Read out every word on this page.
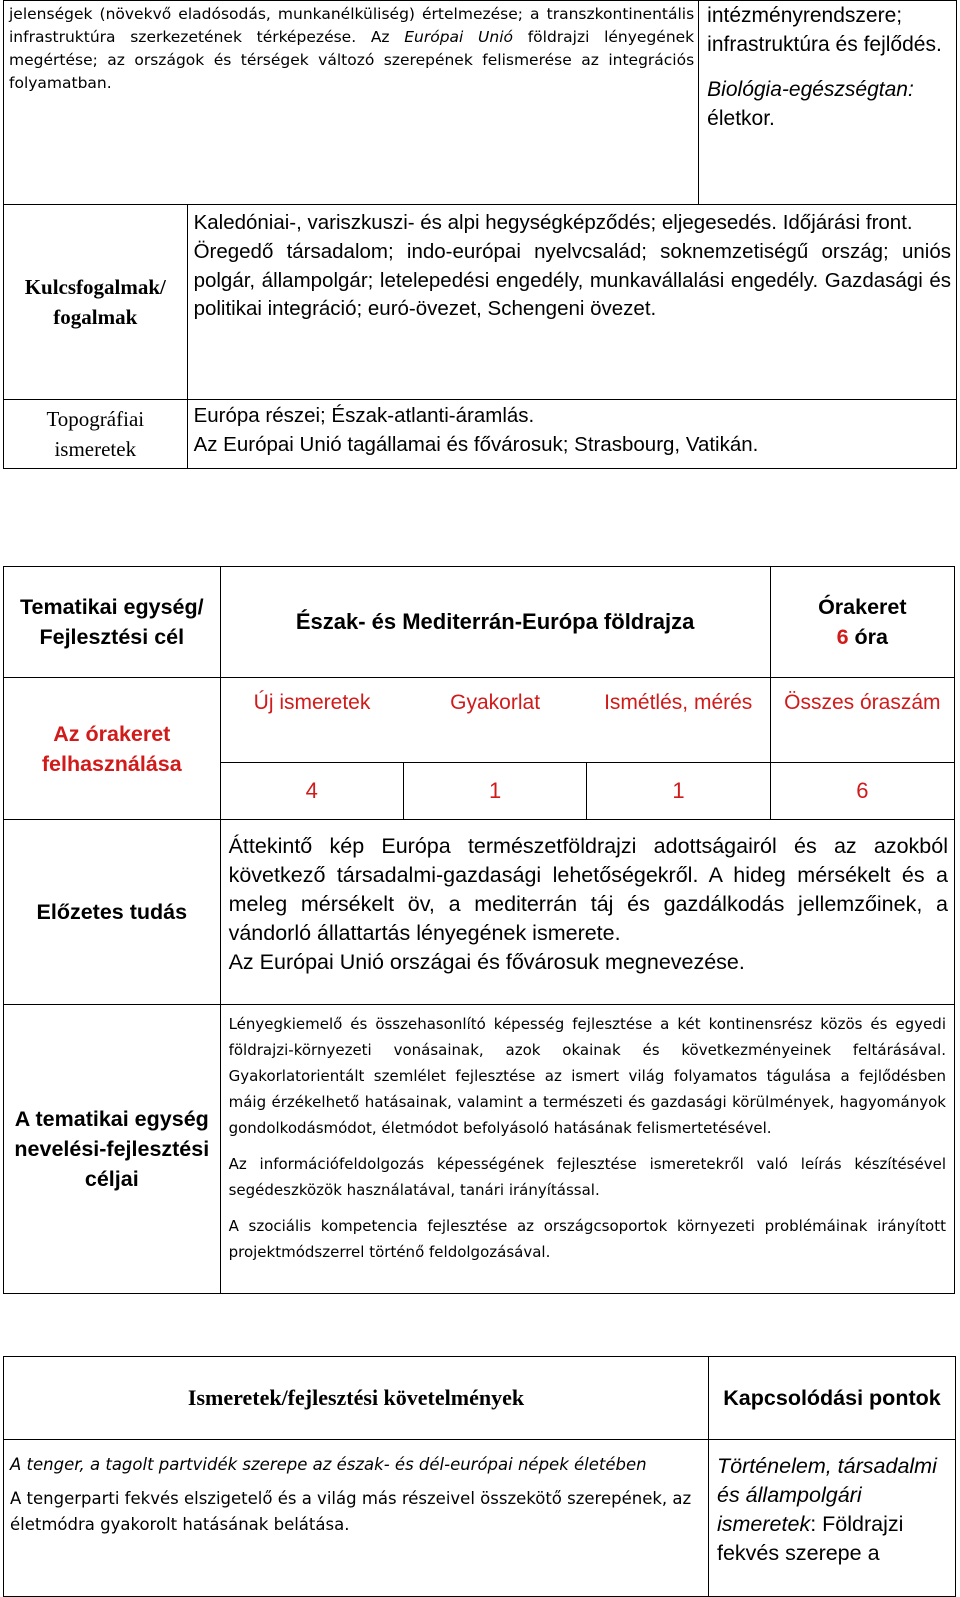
jelenségek (növekvő eladósodás, munkanélküliség) értelmezése; a transzkontinentális infrastruktúra szerkezetének térképezése. Az Európai Unió földrajzi lényegének megértése; az országok és térségek változó szerepének felismerése az integrációs folyamatban.		intézményrendszere; infrastruktúra és fejlődés.

Biológia-egészségtan: életkor.

Kulcsfogalmak/ fogalmak	Kaledóniai-, variszkuszi- és alpi hegységképződés; eljegesedés. Időjárási front.

Öregedő társadalom; indo-európai nyelvcsalád; soknemzetiségű ország; uniós polgár, állampolgár; letelepedési engedély, munkavállalási engedély. Gazdasági és politikai integráció; euró-övezet, Schengeni övezet.	

Topográfiai ismeretek	Európa részei; Észak-atlanti-áramlás.

Az Európai Unió tagállamai és fővárosuk; Strasbourg, Vatikán.	

Tematikai egység/ Fejlesztési cél	Észak- és Mediterrán-Európa földrajza			Órakeret
6 óra
Az órakeret felhasználása	Új ismeretek	Gyakorlat	Ismétlés, mérés	Összes óraszám
	4	1	1	6
Előzetes tudás	Áttekintő kép Európa természetföldrajzi adottságairól és az azokból következő társadalmi-gazdasági lehetőségekről. A hideg mérsékelt és a meleg mérsékelt öv, a mediterrán táj és gazdálkodás jellemzőinek, a vándorló állattartás lényegének ismerete.

Az Európai Unió országai és fővárosuk megnevezése.			

A tematikai egység nevelési-fejlesztési céljai	Lényegkiemelő és összehasonlító képesség fejlesztése a két kontinensrész közös és egyedi földrajzi-környezeti vonásainak, azok okainak és következményeinek feltárásával. Gyakorlatorientált szemlélet fejlesztése az ismert világ folyamatos tágulása a fejlődésben máig érzékelhető hatásainak, valamint a természeti és gazdasági körülmények, hagyományok gondolkodásmódot, életmódot befolyásoló hatásának felismertetésével.

Az információfeldolgozás képességének fejlesztése ismeretekről való leírás készítésével segédeszközök használatával, tanári irányítással.

A szociális kompetencia fejlesztése az országcsoportok környezeti problémáinak irányított projektmódszerrel történő feldolgozásával.			

Ismeretek/fejlesztési követelmények	Kapcsolódási pontok

A tenger, a tagolt partvidék szerepe az észak- és dél-európai népek életében

A tengerparti fekvés elszigetelő és a világ más részeivel összekötő szerepének, az életmódra gyakorolt hatásának belátása.	Történelem, társadalmi és állampolgári ismeretek: Földrajzi fekvés szerepe a
